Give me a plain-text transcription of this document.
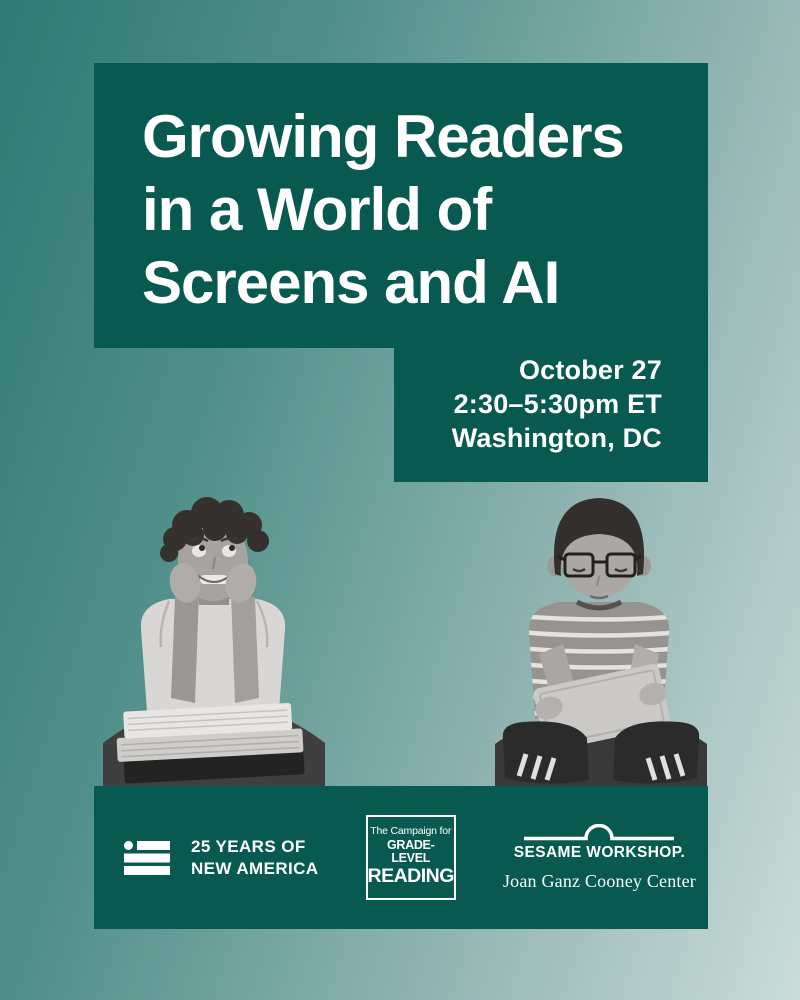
Growing Readers
in a World of
Screens and AI
October 27
2:30–5:30pm ET
Washington, DC
25 YEARS OF
NEW AMERICA
The Campaign for
GRADE-LEVEL
READING
SESAME WORKSHOP.
Joan Ganz Cooney Center
